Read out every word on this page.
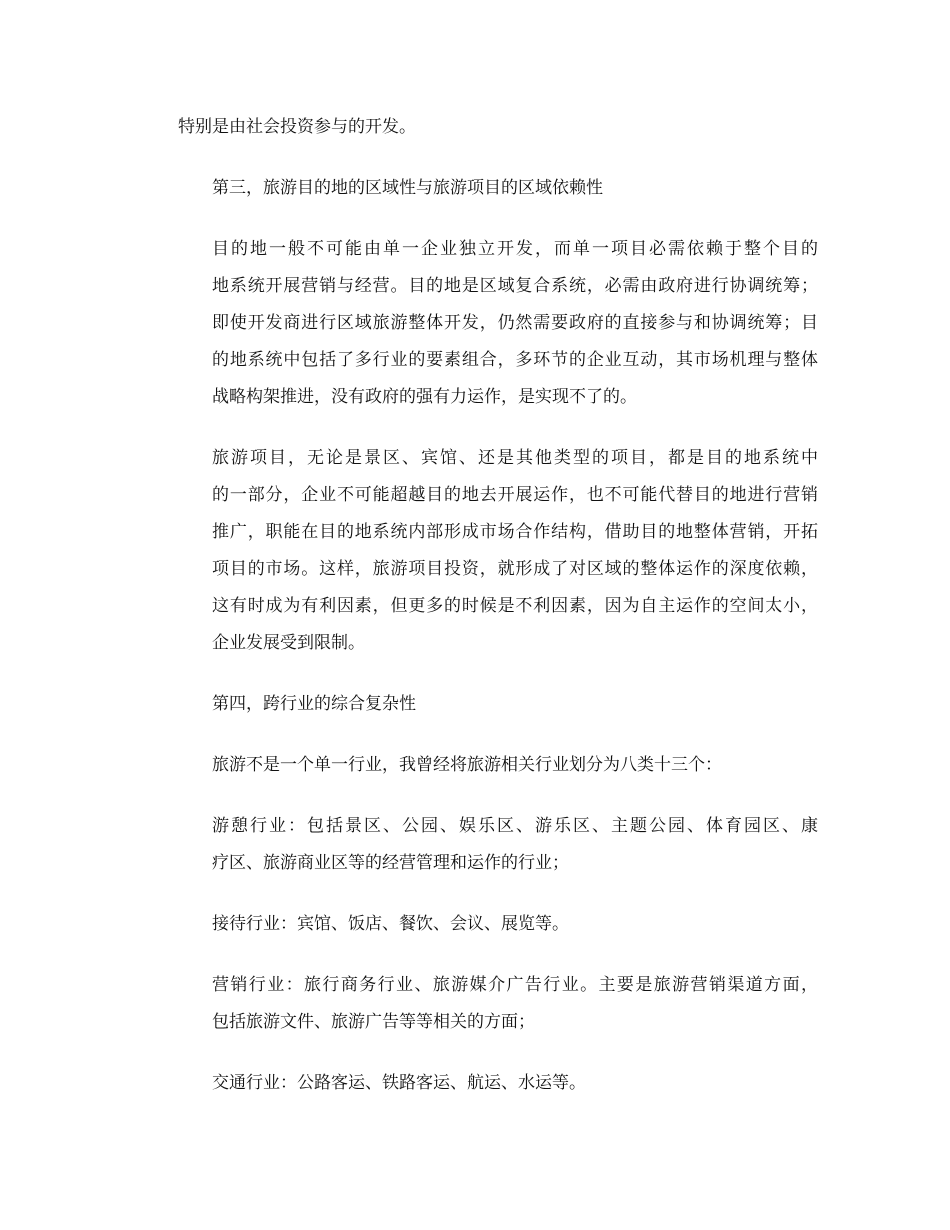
特别是由社会投资参与的开发。

第三，旅游目的地的区域性与旅游项目的区域依赖性

目的地一般不可能由单一企业独立开发，而单一项目必需依赖于整个目的
地系统开展营销与经营。目的地是区域复合系统，必需由政府进行协调统筹；
即使开发商进行区域旅游整体开发，仍然需要政府的直接参与和协调统筹；目
的地系统中包括了多行业的要素组合，多环节的企业互动，其市场机理与整体
战略构架推进，没有政府的强有力运作，是实现不了的。

旅游项目，无论是景区、宾馆、还是其他类型的项目，都是目的地系统中
的一部分，企业不可能超越目的地去开展运作，也不可能代替目的地进行营销
推广，职能在目的地系统内部形成市场合作结构，借助目的地整体营销，开拓
项目的市场。这样，旅游项目投资，就形成了对区域的整体运作的深度依赖，
这有时成为有利因素，但更多的时候是不利因素，因为自主运作的空间太小，
企业发展受到限制。

第四，跨行业的综合复杂性

旅游不是一个单一行业，我曾经将旅游相关行业划分为八类十三个：

游憩行业：包括景区、公园、娱乐区、游乐区、主题公园、体育园区、康
疗区、旅游商业区等的经营管理和运作的行业；

接待行业：宾馆、饭店、餐饮、会议、展览等。

营销行业：旅行商务行业、旅游媒介广告行业。主要是旅游营销渠道方面，
包括旅游文件、旅游广告等等相关的方面；

交通行业：公路客运、铁路客运、航运、水运等。
